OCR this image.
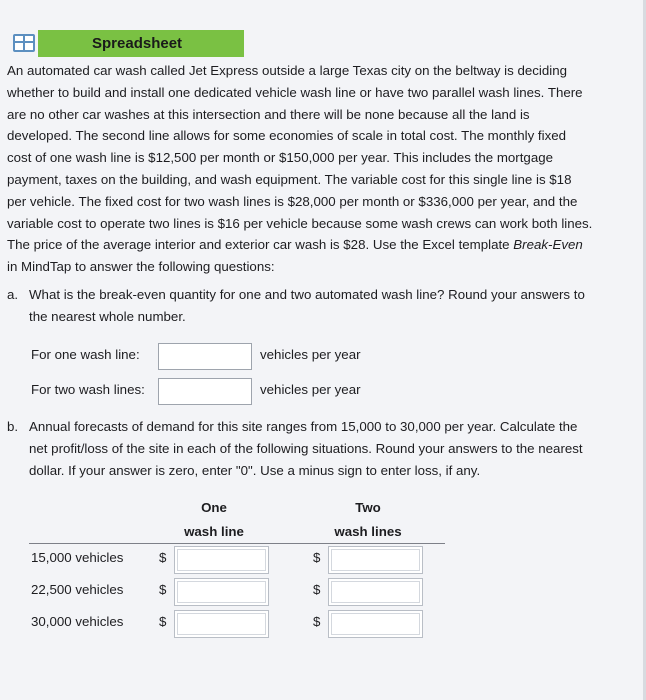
Spreadsheet
An automated car wash called Jet Express outside a large Texas city on the beltway is deciding
whether to build and install one dedicated vehicle wash line or have two parallel wash lines. There
are no other car washes at this intersection and there will be none because all the land is
developed. The second line allows for some economies of scale in total cost. The monthly fixed
cost of one wash line is $12,500 per month or $150,000 per year. This includes the mortgage
payment, taxes on the building, and wash equipment. The variable cost for this single line is $18
per vehicle. The fixed cost for two wash lines is $28,000 per month or $336,000 per year, and the
variable cost to operate two lines is $16 per vehicle because some wash crews can work both lines.
The price of the average interior and exterior car wash is $28. Use the Excel template Break-Even
in MindTap to answer the following questions:
a. What is the break-even quantity for one and two automated wash line? Round your answers to
the nearest whole number.
For one wash line:	vehicles per year
For two wash lines:	vehicles per year
b. Annual forecasts of demand for this site ranges from 15,000 to 30,000 per year. Calculate the
net profit/loss of the site in each of the following situations. Round your answers to the nearest
dollar. If your answer is zero, enter "0". Use a minus sign to enter loss, if any.
One
wash line
Two
wash lines
15,000 vehicles	$	$
22,500 vehicles	$	$
30,000 vehicles	$	$
